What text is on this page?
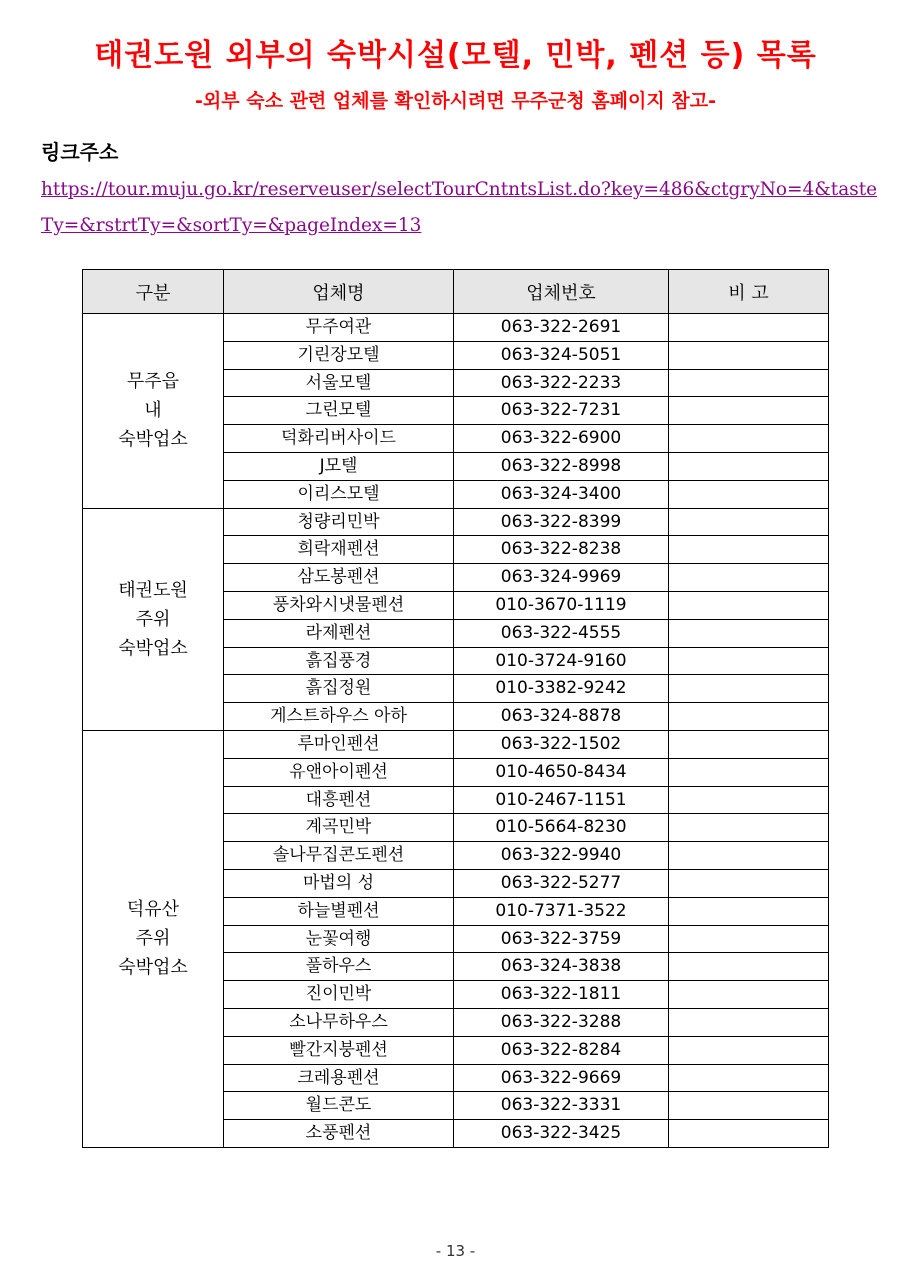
태권도원 외부의 숙박시설(모텔, 민박, 펜션 등) 목록

-외부 숙소 관련 업체를 확인하시려면 무주군청 홈페이지 참고-

링크주소

https://tour.muju.go.kr/reserveuser/selectTourCntntsList.do?key=486&ctgryNo=4&tasteTy=&rstrtTy=&sortTy=&pageIndex=13
구분	업체명	업체번호	비 고
무주읍
내
숙박업소	무주여관	063-322-2691	
	기린장모텔	063-324-5051	
	서울모텔	063-322-2233	
	그린모텔	063-322-7231	
	덕화리버사이드	063-322-6900	
	J모텔	063-322-8998	
	이리스모텔	063-324-3400	
태권도원
주위
숙박업소	청량리민박	063-322-8399	
	희락재펜션	063-322-8238	
	삼도봉펜션	063-324-9969	
	풍차와시냇물펜션	010-3670-1119	
	라제펜션	063-322-4555	
	흙집풍경	010-3724-9160	
	흙집정원	010-3382-9242	
	게스트하우스 아하	063-324-8878	
덕유산
주위
숙박업소	루마인펜션	063-322-1502	
	유앤아이펜션	010-4650-8434	
	대흥펜션	010-2467-1151	
	계곡민박	010-5664-8230	
	솔나무집콘도펜션	063-322-9940	
	마법의 성	063-322-5277	
	하늘별펜션	010-7371-3522	
	눈꽃여행	063-322-3759	
	풀하우스	063-324-3838	
	진이민박	063-322-1811	
	소나무하우스	063-322-3288	
	빨간지붕펜션	063-322-8284	
	크레용펜션	063-322-9669	
	월드콘도	063-322-3331	
	소풍펜션	063-322-3425	
- 13 -
